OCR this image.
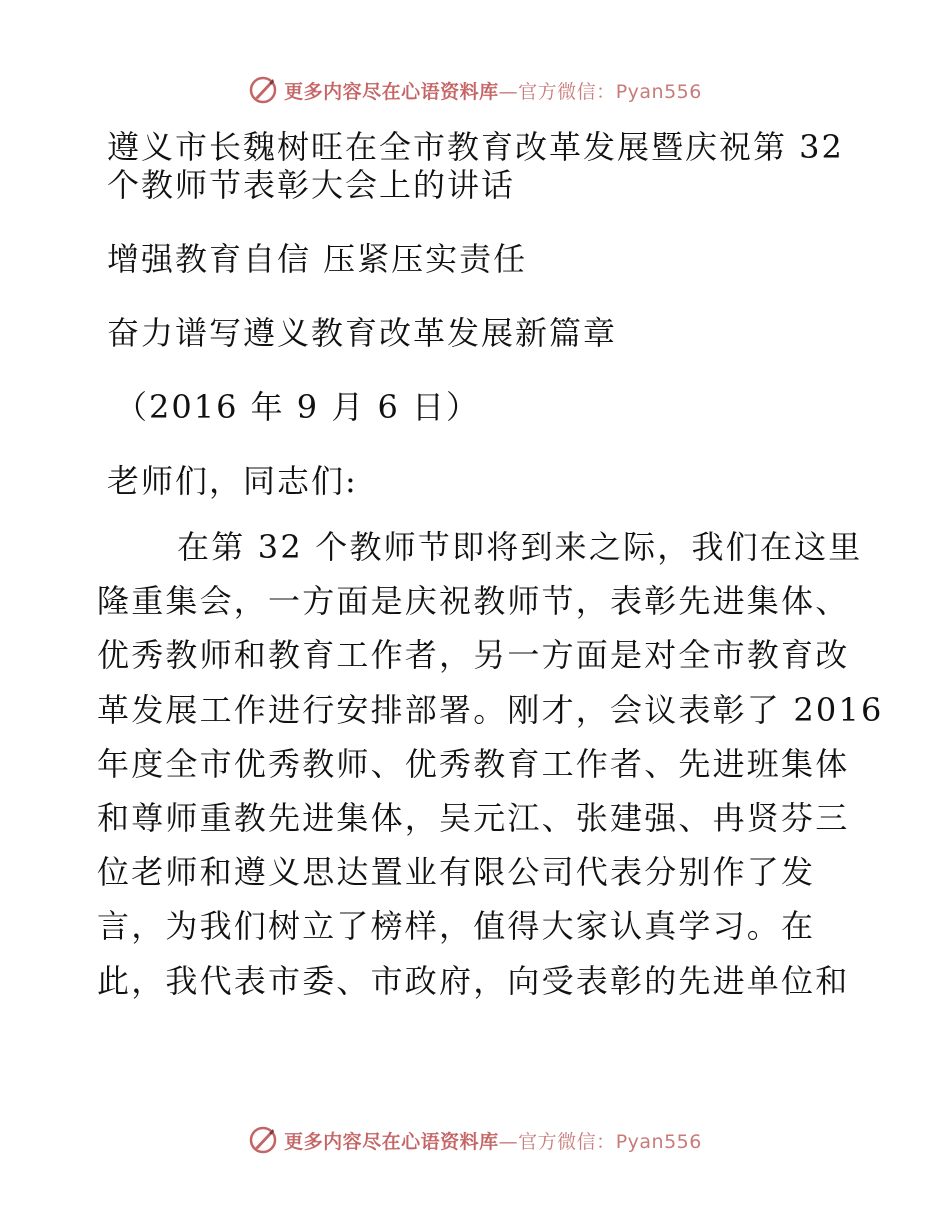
更多内容尽在心语资料库—官方微信：Pyan556
遵义市长魏树旺在全市教育改革发展暨庆祝第 32
个教师节表彰大会上的讲话
增强教育自信 压紧压实责任
奋力谱写遵义教育改革发展新篇章
（2016 年 9 月 6 日）
老师们，同志们:
在第 32 个教师节即将到来之际，我们在这里
隆重集会，一方面是庆祝教师节，表彰先进集体、
优秀教师和教育工作者，另一方面是对全市教育改
革发展工作进行安排部署。刚才，会议表彰了 2016
年度全市优秀教师、优秀教育工作者、先进班集体
和尊师重教先进集体，吴元江、张建强、冉贤芬三
位老师和遵义思达置业有限公司代表分别作了发
言，为我们树立了榜样，值得大家认真学习。在
此，我代表市委、市政府，向受表彰的先进单位和
更多内容尽在心语资料库—官方微信：Pyan556
